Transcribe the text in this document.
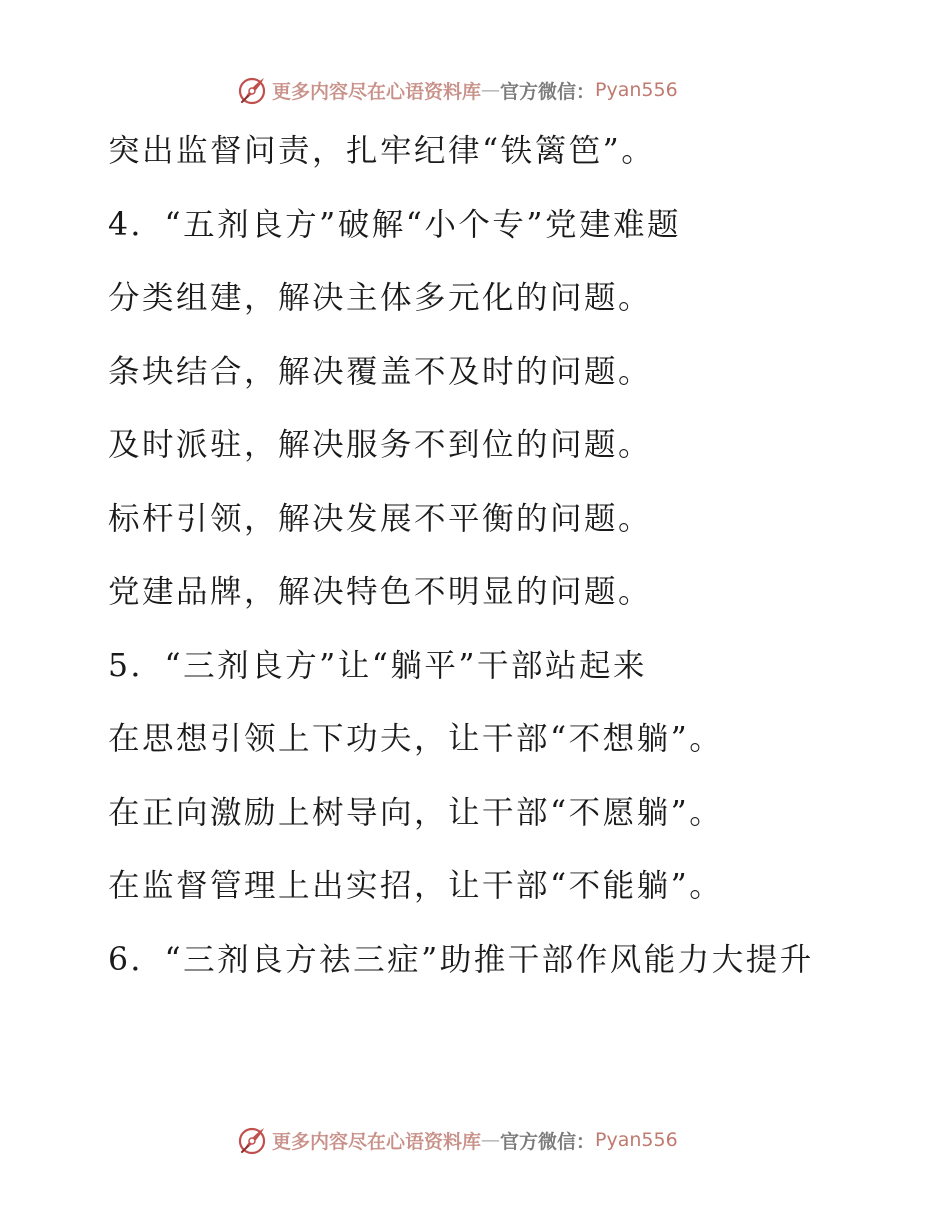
更多内容尽在心语资料库 — 官方微信： Pyan556
突出监督问责，扎牢纪律“铁篱笆”。
4．“五剂良方”破解“小个专”党建难题
分类组建，解决主体多元化的问题。
条块结合，解决覆盖不及时的问题。
及时派驻，解决服务不到位的问题。
标杆引领，解决发展不平衡的问题。
党建品牌，解决特色不明显的问题。
5．“三剂良方”让“躺平”干部站起来
在思想引领上下功夫，让干部“不想躺”。
在正向激励上树导向，让干部“不愿躺”。
在监督管理上出实招，让干部“不能躺”。
6．“三剂良方祛三症”助推干部作风能力大提升
更多内容尽在心语资料库 — 官方微信： Pyan556
